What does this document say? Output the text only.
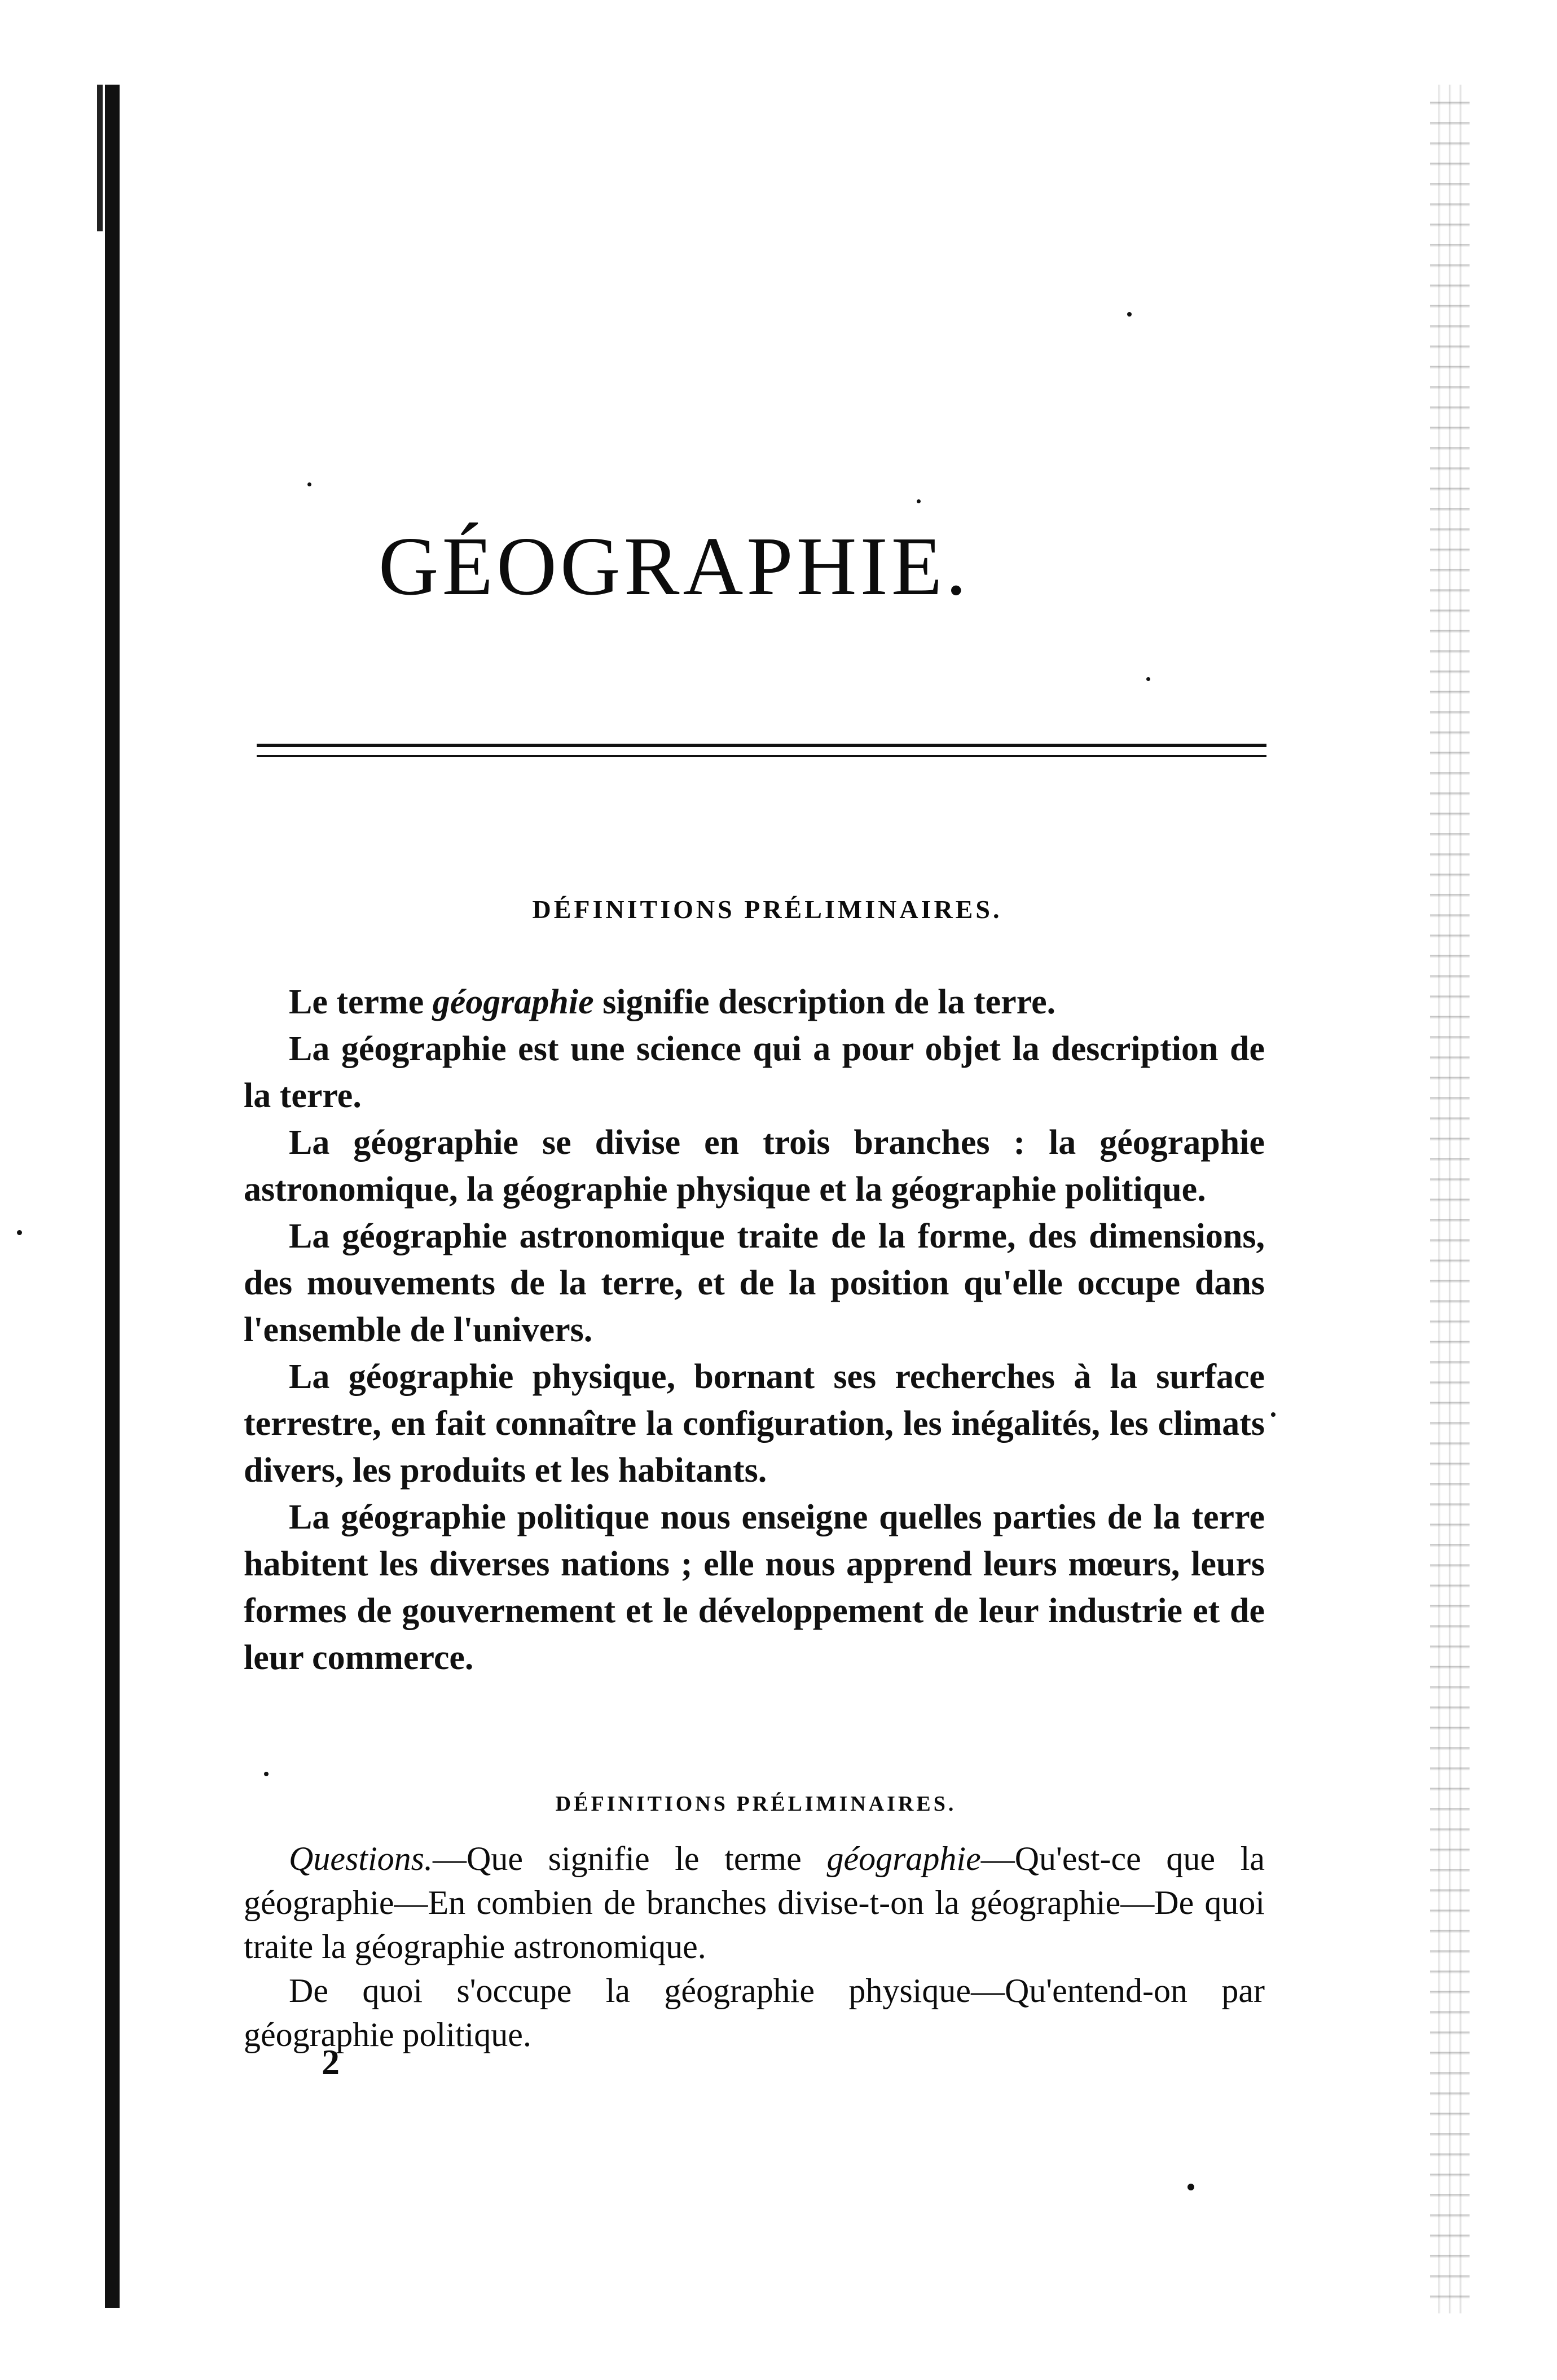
GÉOGRAPHIE.
DÉFINITIONS PRÉLIMINAIRES.

Le terme géographie signifie description de la terre.

La géographie est une science qui a pour objet la description de la terre.

La géographie se divise en trois branches : la géographie astronomique, la géographie physique et la géographie politique.

La géographie astronomique traite de la forme, des dimensions, des mouvements de la terre, et de la position qu'elle occupe dans l'ensemble de l'univers.

La géographie physique, bornant ses recherches à la surface terrestre, en fait connaître la configuration, les inégalités, les climats divers, les produits et les habitants.

La géographie politique nous enseigne quelles parties de la terre habitent les diverses nations ; elle nous apprend leurs mœurs, leurs formes de gouvernement et le développement de leur industrie et de leur commerce.

DÉFINITIONS PRÉLIMINAIRES.

Questions.—Que signifie le terme géographie—Qu'est-ce que la géographie—En combien de branches divise-t-on la géographie—De quoi traite la géographie astronomique.

De quoi s'occupe la géographie physique—Qu'entend-on par géographie politique.

2
